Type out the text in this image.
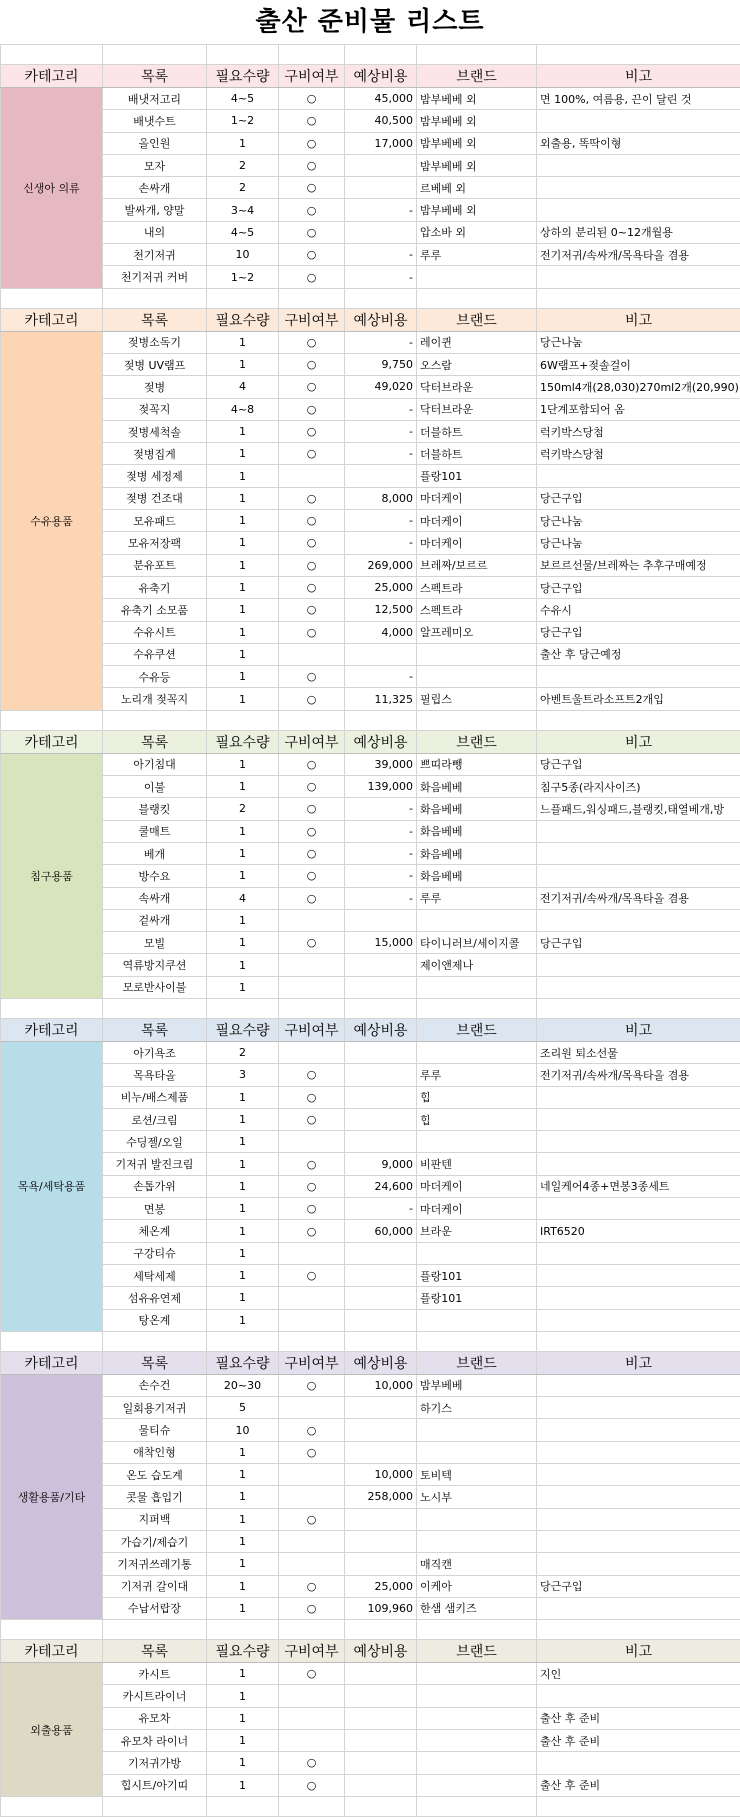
출산 준비물 리스트

카테고리	목록	필요수량	구비여부	예상비용	브랜드	비고
신생아 의류	배냇저고리	4~5	○	45,000	밤부베베 외	면 100%, 여름용, 끈이 달린 것
	배냇수트	1~2	○	40,500	밤부베베 외	
	올인원	1	○	17,000	밤부베베 외	외출용, 똑딱이형
	모자	2	○		밤부베베 외	
	손싸개	2	○		르베베 외	
	발싸개, 양말	3~4	○	-	밤부베베 외	
	내의	4~5	○		압소바 외	상하의 분리된 0~12개월용
	천기저귀	10	○	-	루루	전기저귀/속싸개/목욕타올 겸용
	천기저귀 커버	1~2	○	-		

카테고리	목록	필요수량	구비여부	예상비용	브랜드	비고
수유용품	젖병소독기	1	○	-	레이퀸	당근나눔
	젖병 UV램프	1	○	9,750	오스람	6W램프+젖솔걸이
	젖병	4	○	49,020	닥터브라운	150ml4개(28,030)270ml2개(20,990)
	젖꼭지	4~8	○	-	닥터브라운	1단계포함되어 옴
	젖병세척솔	1	○	-	더블하트	럭키박스당첨
	젖병집게	1	○	-	더블하트	럭키박스당첨
	젖병 세정제	1			플랑101	
	젖병 건조대	1	○	8,000	마더케이	당근구입
	모유패드	1	○	-	마더케이	당근나눔
	모유저장팩	1	○	-	마더케이	당근나눔
	분유포트	1	○	269,000	브레짜/보르르	보르르선물/브레짜는 추후구매예정
	유축기	1	○	25,000	스펙트라	당근구입
	유축기 소모품	1	○	12,500	스펙트라	수유시
	수유시트	1	○	4,000	알프레미오	당근구입
	수유쿠션	1				출산 후 당근예정
	수유등	1	○	-		
	노리개 젖꼭지	1	○	11,325	필립스	아벤트울트라소프트2개입

카테고리	목록	필요수량	구비여부	예상비용	브랜드	비고
침구용품	아기침대	1	○	39,000	쁘띠라뺑	당근구입
	이불	1	○	139,000	화음베베	침구5종(라지사이즈)
	블랭킷	2	○	-	화음베베	느플패드,워싱패드,블랭킷,태열베개,방
	쿨매트	1	○	-	화음베베	
	베개	1	○	-	화음베베	
	방수요	1	○	-	화음베베	
	속싸개	4	○	-	루루	전기저귀/속싸개/목욕타올 겸용
	겉싸개	1				
	모빌	1	○	15,000	타이니러브/세이지콜	당근구입
	역류방지쿠션	1			제이앤제나	
	모로반사이불	1				

카테고리	목록	필요수량	구비여부	예상비용	브랜드	비고
목욕/세탁용품	아기욕조	2				조리원 퇴소선물
	목욕타올	3	○		루루	전기저귀/속싸개/목욕타올 겸용
	비누/배스제품	1	○		힙	
	로션/크림	1	○		힙	
	수딩젤/오일	1				
	기저귀 발진크림	1	○	9,000	비판텐	
	손톱가위	1	○	24,600	마더케이	네일케어4종+면봉3종세트
	면봉	1	○	-	마더케이	
	체온계	1	○	60,000	브라운	IRT6520
	구강티슈	1				
	세탁세제	1	○		플랑101	
	섬유유연제	1			플랑101	
	탕온계	1				

카테고리	목록	필요수량	구비여부	예상비용	브랜드	비고
생활용품/기타	손수건	20~30	○	10,000	밤부베베	
	일회용기저귀	5			하기스	
	물티슈	10	○			
	애착인형	1	○			
	온도 습도계	1		10,000	토비텍	
	콧물 흡입기	1		258,000	노시부	
	지퍼백	1	○			
	가습기/제습기	1				
	기저귀쓰레기통	1			매직캔	
	기저귀 갈이대	1	○	25,000	이케아	당근구입
	수납서랍장	1	○	109,960	한샘 샘키즈	

카테고리	목록	필요수량	구비여부	예상비용	브랜드	비고
외출용품	카시트	1	○			지인
	카시트라이너	1				
	유모차	1				출산 후 준비
	유모차 라이너	1				출산 후 준비
	기저귀가방	1	○			
	힙시트/아기띠	1	○			출산 후 준비
